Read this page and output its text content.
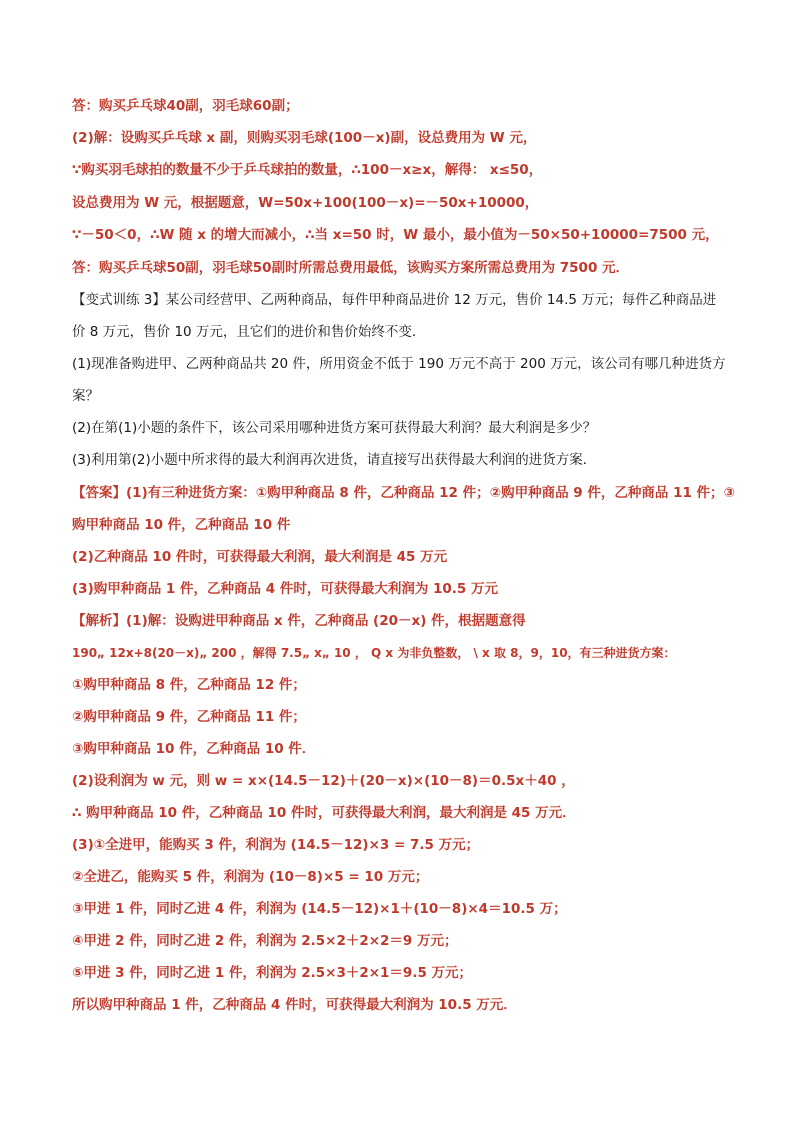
答：购买乒乓球40副，羽毛球60副；
(2)解：设购买乒乓球 x 副，则购买羽毛球(100－x)副，设总费用为 W 元，
∵购买羽毛球拍的数量不少于乒乓球拍的数量，∴100－x≥x，解得： x≤50，
设总费用为 W 元，根据题意，W=50x+100(100－x)=－50x+10000，
∵－50＜0，∴W 随 x 的增大而减小，∴当 x=50 时，W 最小，最小值为－50×50+10000=7500 元，
答：购买乒乓球50副，羽毛球50副时所需总费用最低，该购买方案所需总费用为 7500 元．
【变式训练 3】某公司经营甲、乙两种商品，每件甲种商品进价 12 万元，售价 14.5 万元；每件乙种商品进
价 8 万元，售价 10 万元，且它们的进价和售价始终不变．
(1)现准备购进甲、乙两种商品共 20 件，所用资金不低于 190 万元不高于 200 万元，该公司有哪几种进货方
案？
(2)在第(1)小题的条件下，该公司采用哪种进货方案可获得最大利润？最大利润是多少？
(3)利用第(2)小题中所求得的最大利润再次进货，请直接写出获得最大利润的进货方案．
【答案】(1)有三种进货方案：①购甲种商品 8 件，乙种商品 12 件；②购甲种商品 9 件，乙种商品 11 件；③
购甲种商品 10 件，乙种商品 10 件
(2)乙种商品 10 件时，可获得最大利润，最大利润是 45 万元
(3)购甲种商品 1 件，乙种商品 4 件时，可获得最大利润为 10.5 万元
【解析】(1)解：设购进甲种商品 x 件，乙种商品 (20－x) 件，根据题意得
190„ 12x+8(20－x)„ 200 ，解得 7.5„ x„ 10 ， Q x 为非负整数， \ x 取 8，9，10，有三种进货方案：
①购甲种商品 8 件，乙种商品 12 件；
②购甲种商品 9 件，乙种商品 11 件；
③购甲种商品 10 件，乙种商品 10 件．
(2)设利润为 w 元，则 w = x×(14.5－12)＋(20－x)×(10－8)＝0.5x＋40 ，
∴ 购甲种商品 10 件，乙种商品 10 件时，可获得最大利润，最大利润是 45 万元．
(3)①全进甲，能购买 3 件，利润为 (14.5－12)×3 = 7.5 万元；
②全进乙，能购买 5 件，利润为 (10－8)×5 = 10 万元；
③甲进 1 件，同时乙进 4 件，利润为 (14.5－12)×1＋(10－8)×4＝10.5 万；
④甲进 2 件，同时乙进 2 件，利润为 2.5×2＋2×2＝9 万元；
⑤甲进 3 件，同时乙进 1 件，利润为 2.5×3＋2×1＝9.5 万元；
所以购甲种商品 1 件，乙种商品 4 件时，可获得最大利润为 10.5 万元．
